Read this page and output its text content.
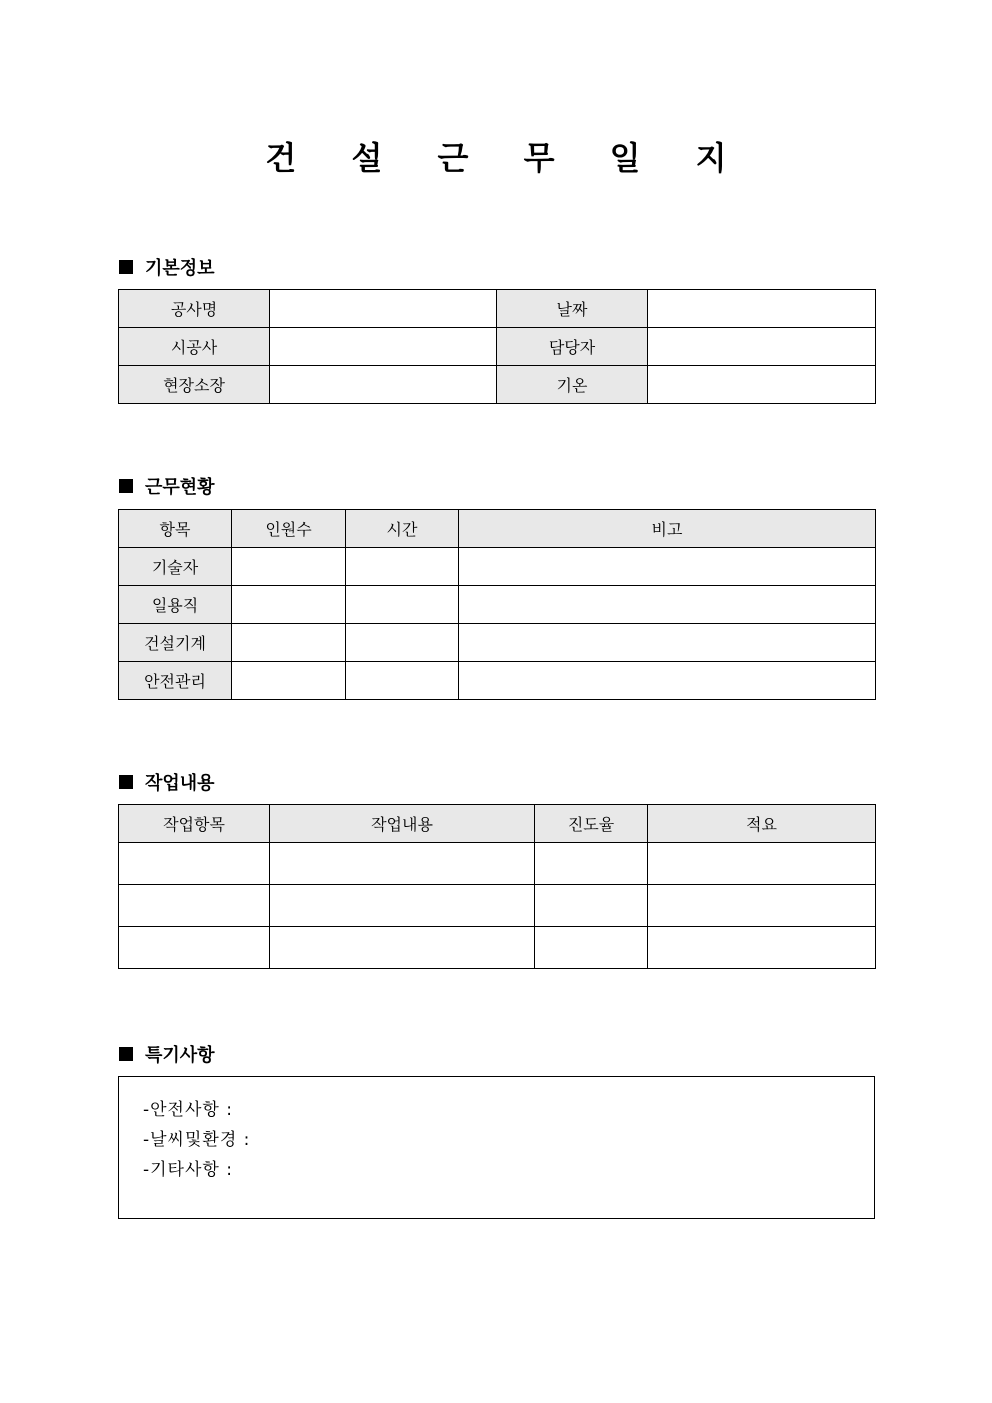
건 설 근 무 일 지
기본정보
공사명		날짜	
시공사		담당자	
현장소장		기온	
근무현황
항목	인원수	시간	비고
기술자			
일용직			
건설기계			
안전관리			
작업내용
작업항목	작업내용	진도율	적요

특기사항
-안전사항 :
-날씨및환경 :
-기타사항 :
